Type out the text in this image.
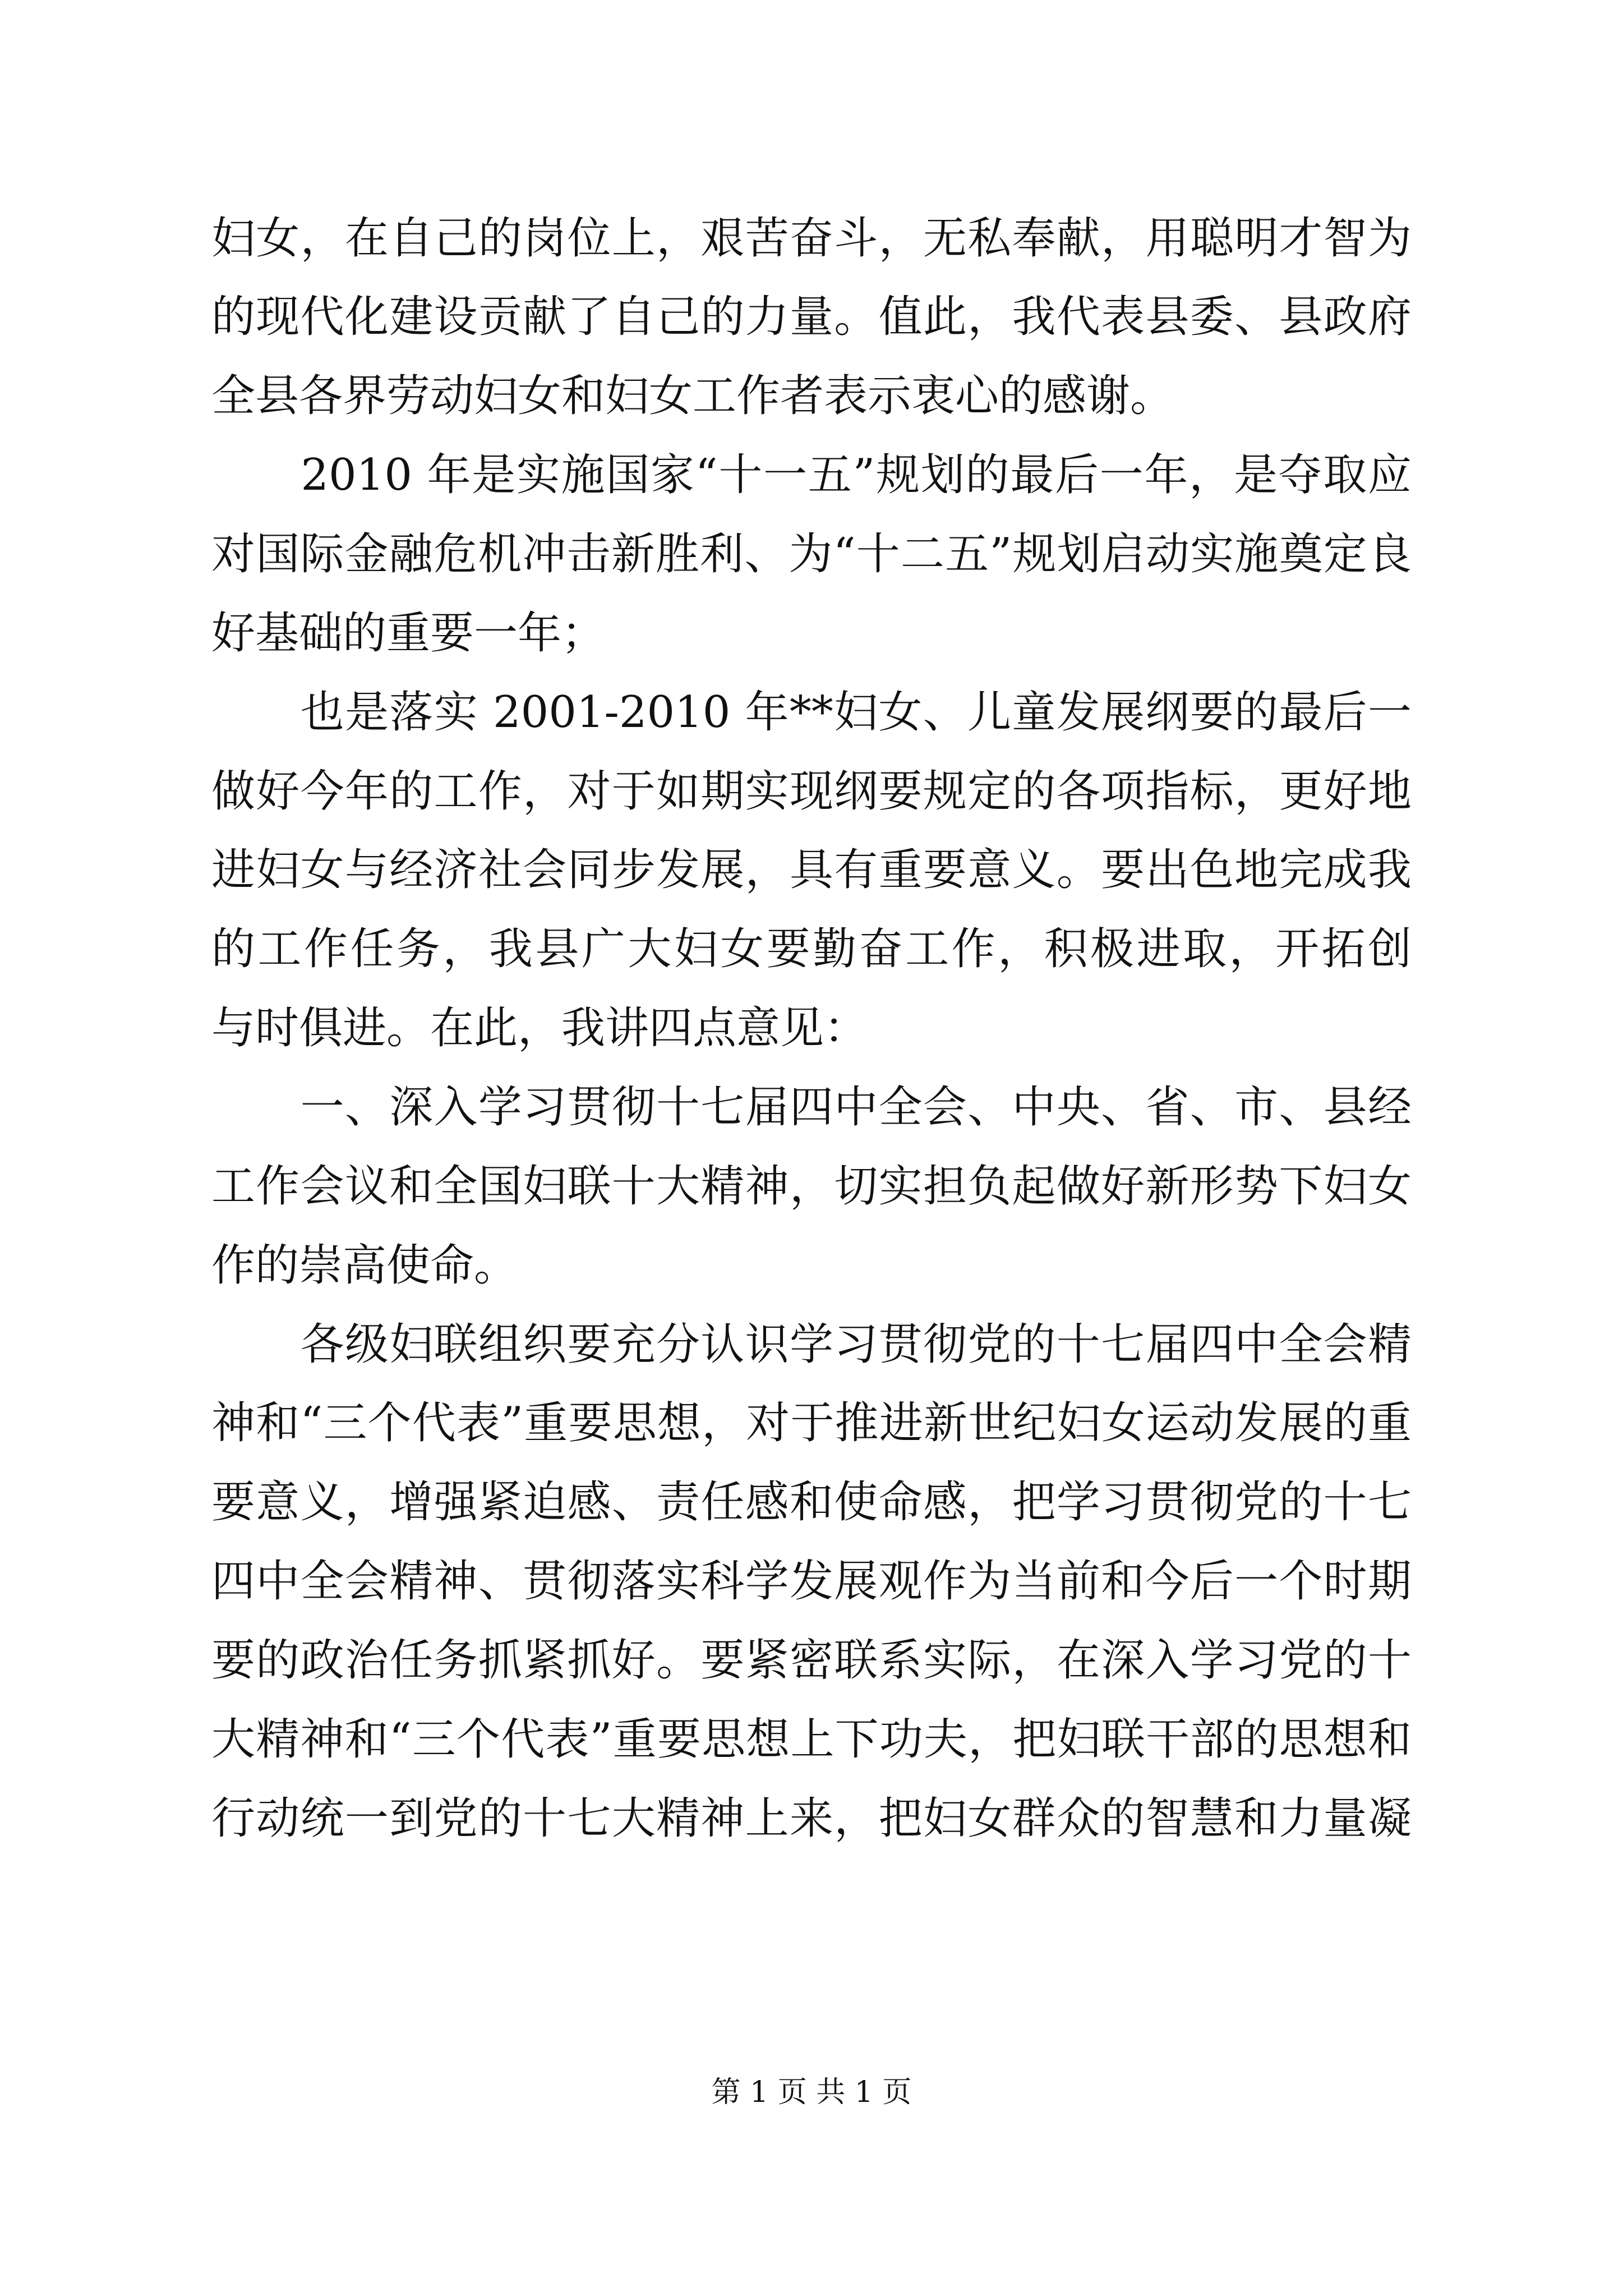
妇女，在自己的岗位上，艰苦奋斗，无私奉献，用聪明才智为
的现代化建设贡献了自己的力量。值此，我代表县委、县政府
全县各界劳动妇女和妇女工作者表示衷心的感谢。
　　2010 年是实施国家“十一五”规划的最后一年，是夺取应
对国际金融危机冲击新胜利、为“十二五”规划启动实施奠定良
好基础的重要一年；
　　也是落实 2001-2010 年**妇女、儿童发展纲要的最后一
做好今年的工作，对于如期实现纲要规定的各项指标，更好地
进妇女与经济社会同步发展，具有重要意义。要出色地完成我
的工作任务，我县广大妇女要勤奋工作，积极进取，开拓创
与时俱进。在此，我讲四点意见：
　　一、深入学习贯彻十七届四中全会、中央、省、市、县经
工作会议和全国妇联十大精神，切实担负起做好新形势下妇女
作的崇高使命。
　　各级妇联组织要充分认识学习贯彻党的十七届四中全会精
神和“三个代表”重要思想，对于推进新世纪妇女运动发展的重
要意义，增强紧迫感、责任感和使命感，把学习贯彻党的十七
四中全会精神、贯彻落实科学发展观作为当前和今后一个时期
要的政治任务抓紧抓好。要紧密联系实际，在深入学习党的十
大精神和“三个代表”重要思想上下功夫，把妇联干部的思想和
行动统一到党的十七大精神上来，把妇女群众的智慧和力量凝
第 1 页 共 1 页
